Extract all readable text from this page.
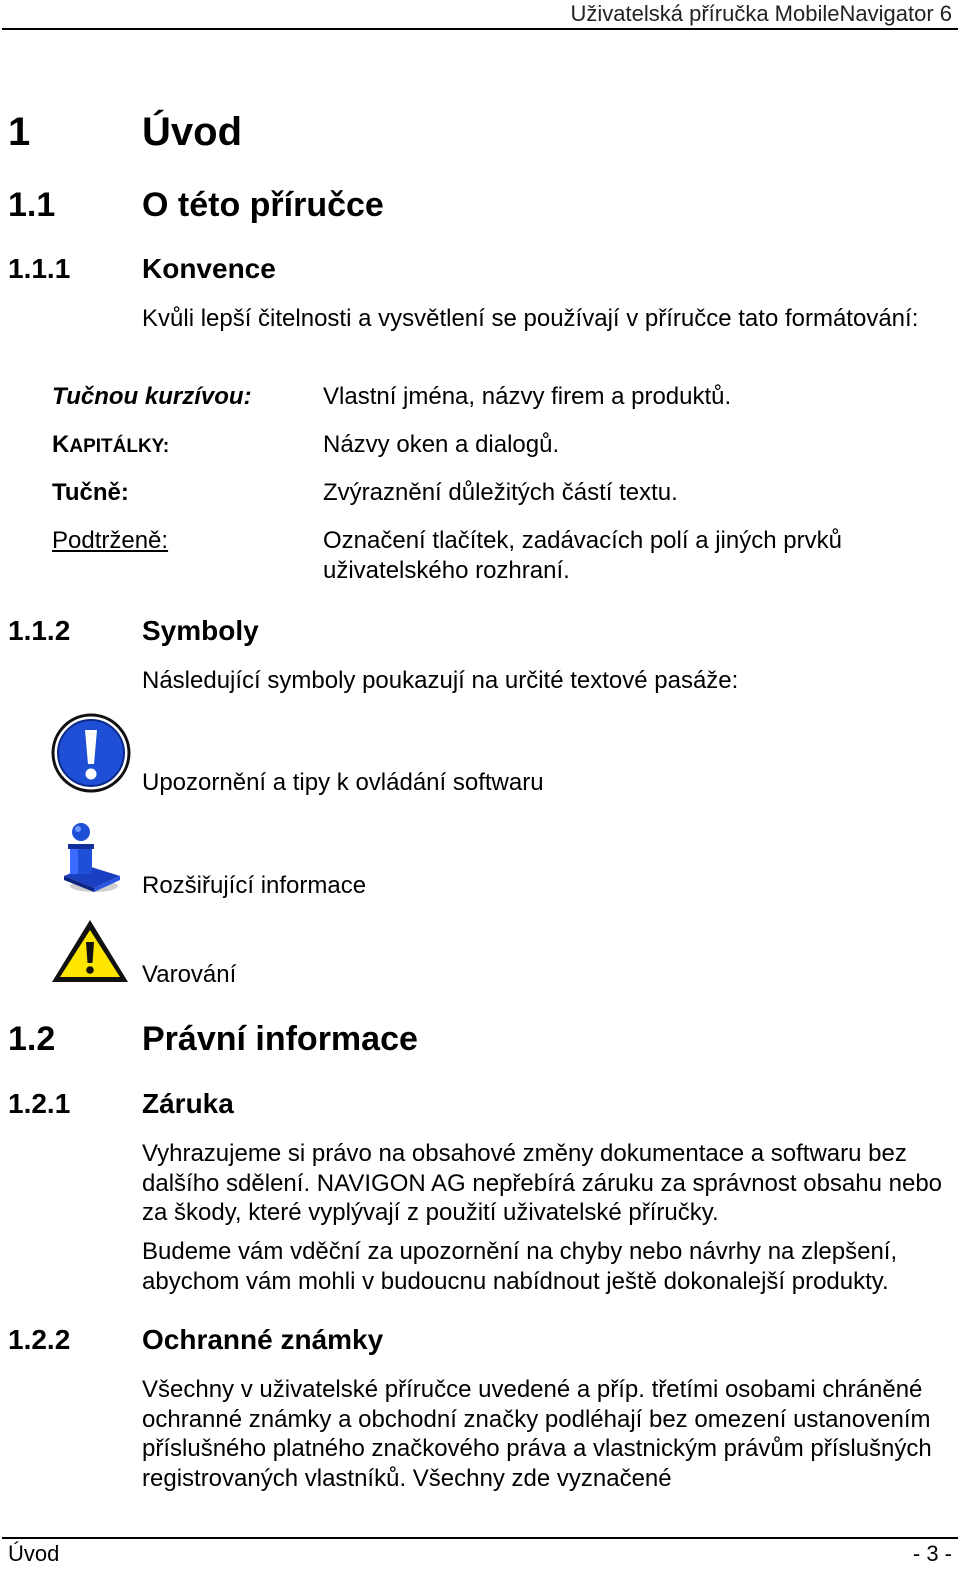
Uživatelská příručka MobileNavigator 6
1	Úvod
1.1	O této příručce
1.1.1	Konvence
Kvůli lepší čitelnosti a vysvětlení se používají v příručce tato formátování:
Tučnou kurzívou:	Vlastní jména, názvy firem a produktů.
KAPITÁLKY:	Názvy oken a dialogů.
Tučně:	Zvýraznění důležitých částí textu.
Podtrženě:	Označení tlačítek, zadávacích polí a jiných prvků uživatelského rozhraní.
1.1.2	Symboly
Následující symboly poukazují na určité textové pasáže:
Upozornění a tipy k ovládání softwaru
Rozšiřující informace
Varování
1.2	Právní informace
1.2.1	Záruka
Vyhrazujeme si právo na obsahové změny dokumentace a softwaru bez dalšího sdělení. NAVIGON AG nepřebírá záruku za správnost obsahu nebo za škody, které vyplývají z použití uživatelské příručky.
Budeme vám vděční za upozornění na chyby nebo návrhy na zlepšení, abychom vám mohli v budoucnu nabídnout ještě dokonalejší produkty.
1.2.2	Ochranné známky
Všechny v uživatelské příručce uvedené a příp. třetími osobami chráněné ochranné známky a obchodní značky podléhají bez omezení ustanovením příslušného platného značkového práva a vlastnickým právům příslušných registrovaných vlastníků. Všechny zde vyznačené
Úvod	- 3 -
